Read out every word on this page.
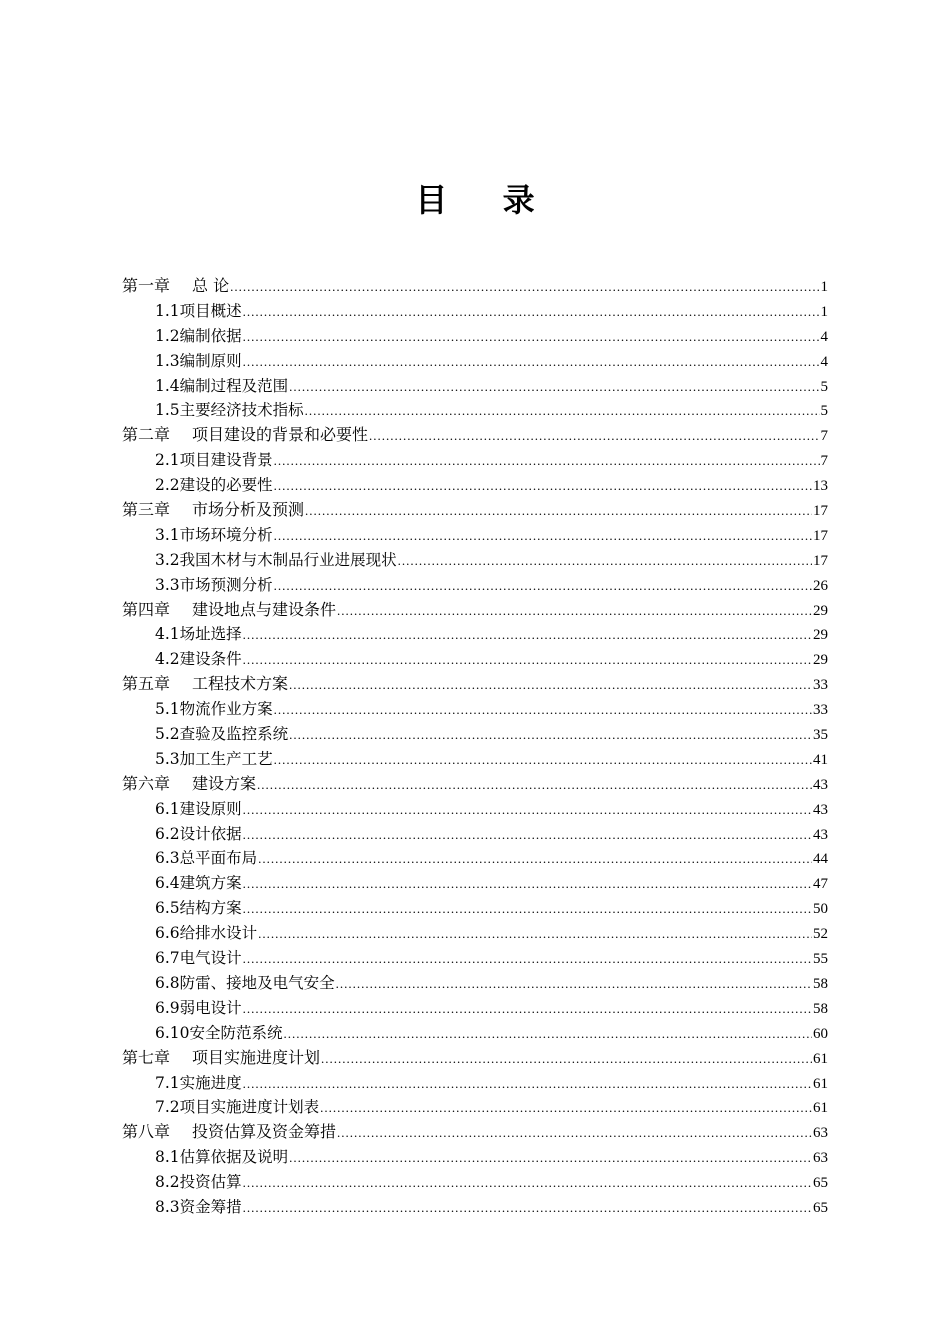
目 录
第一章 总 论 .....	1
1.1项目概述 .....	1
1.2编制依据 .....	4
1.3编制原则 .....	4
1.4编制过程及范围 .....	5
1.5主要经济技术指标 .....	5
第二章 项目建设的背景和必要性 .....	7
2.1项目建设背景 .....	7
2.2建设的必要性 .....	13
第三章 市场分析及预测 .....	17
3.1市场环境分析 .....	17
3.2我国木材与木制品行业进展现状 .....	17
3.3市场预测分析 .....	26
第四章 建设地点与建设条件 .....	29
4.1场址选择 .....	29
4.2建设条件 .....	29
第五章 工程技术方案 .....	33
5.1物流作业方案 .....	33
5.2查验及监控系统 .....	35
5.3加工生产工艺 .....	41
第六章 建设方案 .....	43
6.1建设原则 .....	43
6.2设计依据 .....	43
6.3总平面布局 .....	44
6.4建筑方案 .....	47
6.5结构方案 .....	50
6.6给排水设计 .....	52
6.7电气设计 .....	55
6.8防雷、接地及电气安全 .....	58
6.9弱电设计 .....	58
6.10安全防范系统 .....	60
第七章 项目实施进度计划 .....	61
7.1实施进度 .....	61
7.2项目实施进度计划表 .....	61
第八章 投资估算及资金筹措 .....	63
8.1估算依据及说明 .....	63
8.2投资估算 .....	65
8.3资金筹措 .....	65
